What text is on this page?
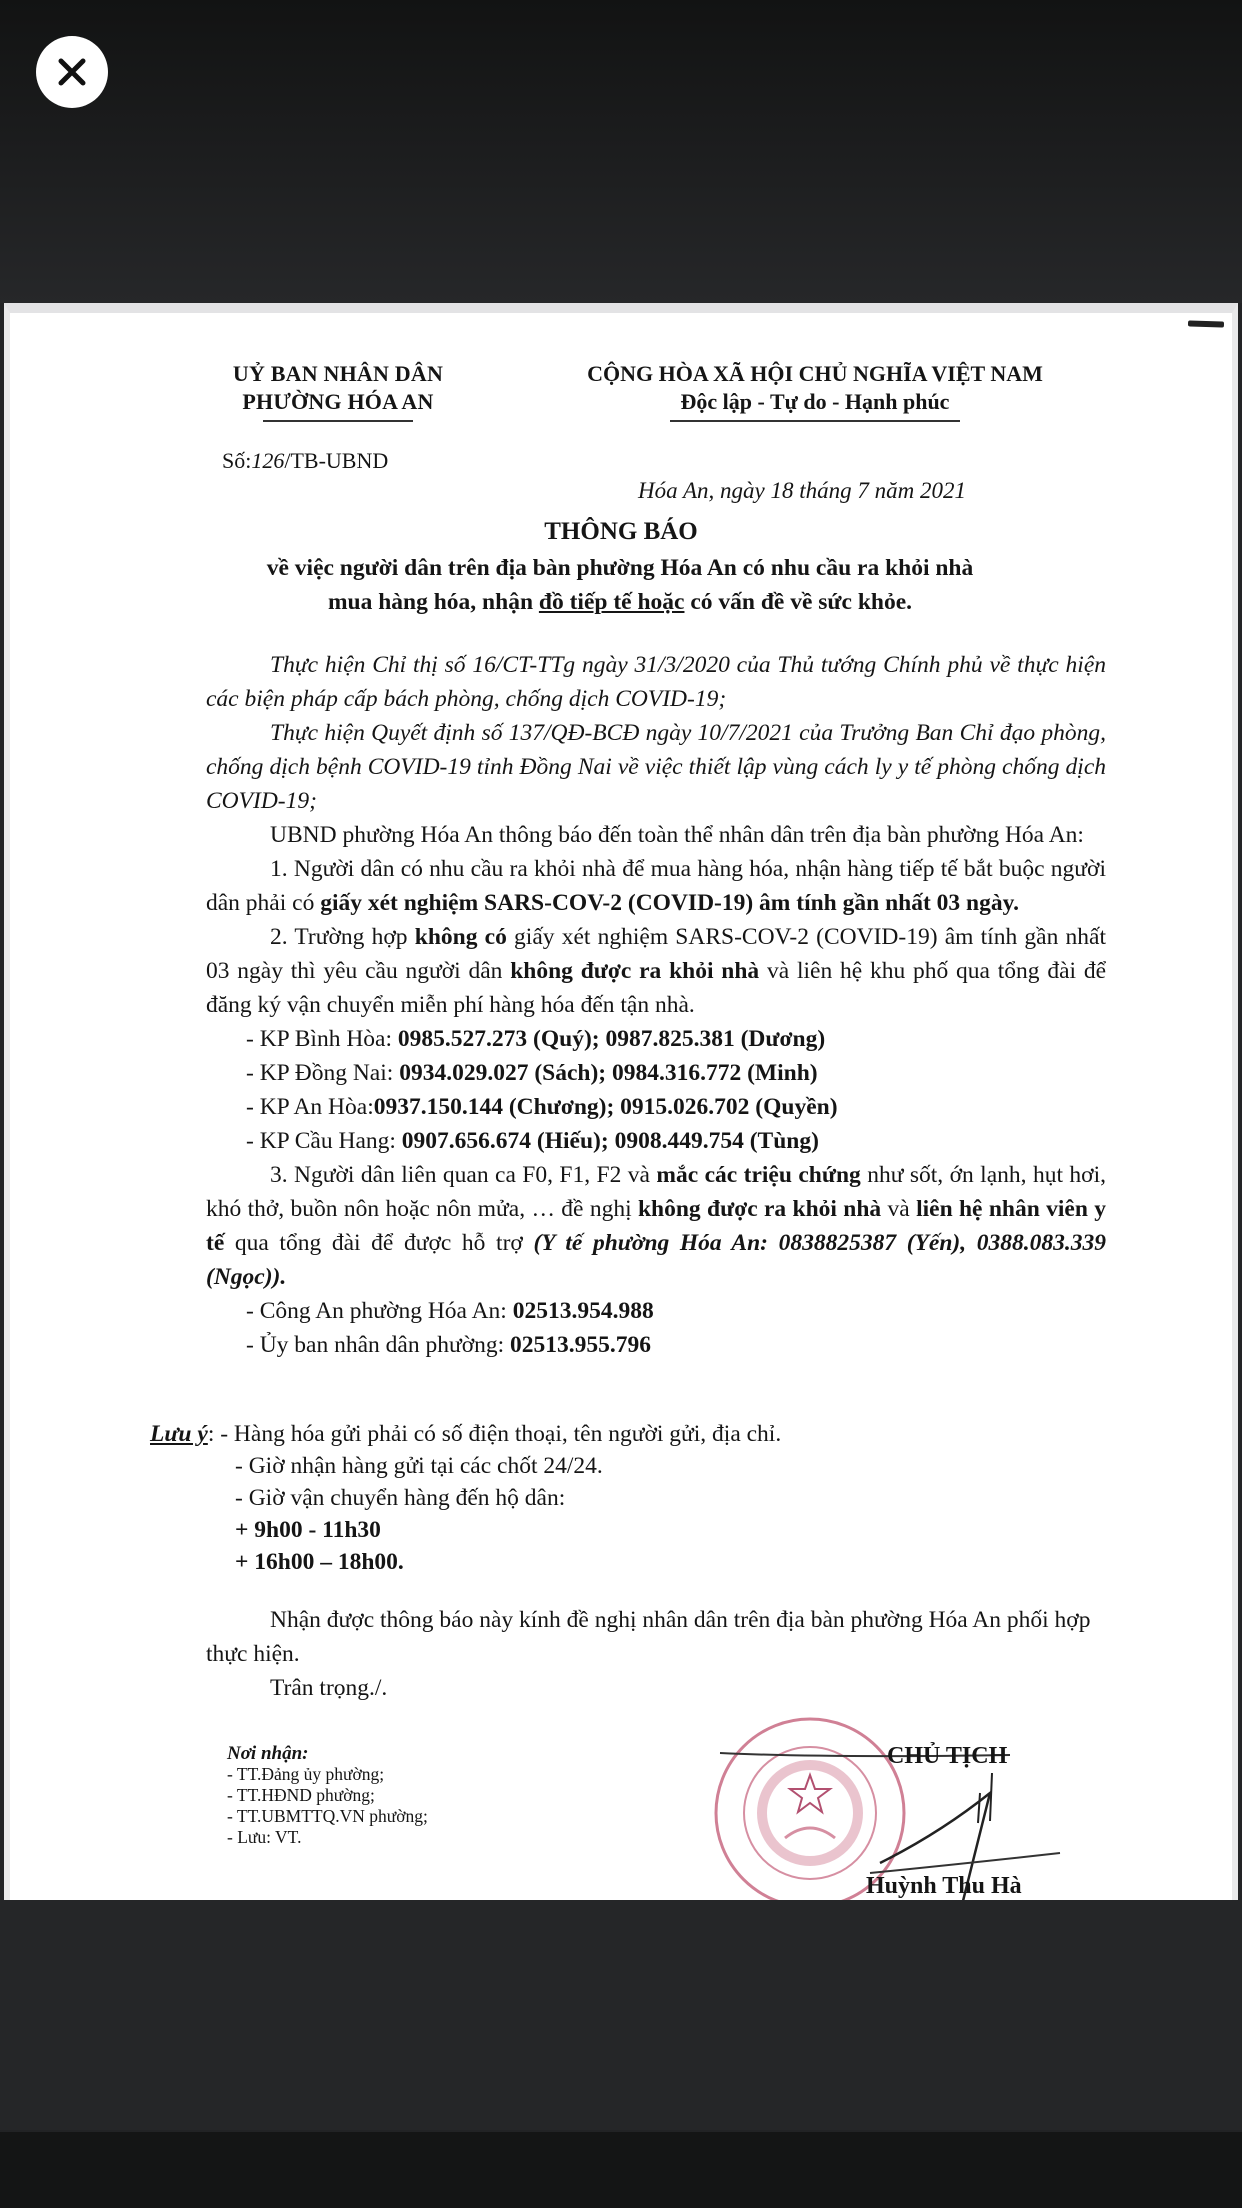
UỶ BAN NHÂN DÂN
PHƯỜNG HÓA AN
CỘNG HÒA XÃ HỘI CHỦ NGHĨA VIỆT NAM
Độc lập - Tự do - Hạnh phúc
Số:126/TB-UBND
Hóa An, ngày 18 tháng 7 năm 2021
THÔNG BÁO
về việc người dân trên địa bàn phường Hóa An có nhu cầu ra khỏi nhà
mua hàng hóa, nhận đồ tiếp tế hoặc có vấn đề về sức khỏe.

Thực hiện Chỉ thị số 16/CT-TTg ngày 31/3/2020 của Thủ tướng Chính phủ về thực hiện các biện pháp cấp bách phòng, chống dịch COVID-19;

Thực hiện Quyết định số 137/QĐ-BCĐ ngày 10/7/2021 của Trưởng Ban Chỉ đạo phòng, chống dịch bệnh COVID-19 tỉnh Đồng Nai về việc thiết lập vùng cách ly y tế phòng chống dịch COVID-19;

UBND phường Hóa An thông báo đến toàn thể nhân dân trên địa bàn phường Hóa An:

1. Người dân có nhu cầu ra khỏi nhà để mua hàng hóa, nhận hàng tiếp tế bắt buộc người dân phải có giấy xét nghiệm SARS-COV-2 (COVID-19) âm tính gần nhất 03 ngày.

2. Trường hợp không có giấy xét nghiệm SARS-COV-2 (COVID-19) âm tính gần nhất 03 ngày thì yêu cầu người dân không được ra khỏi nhà và liên hệ khu phố qua tổng đài để đăng ký vận chuyển miễn phí hàng hóa đến tận nhà.

- KP Bình Hòa: 0985.527.273 (Quý); 0987.825.381 (Dương)

- KP Đồng Nai: 0934.029.027 (Sách); 0984.316.772 (Minh)

- KP An Hòa:0937.150.144 (Chương); 0915.026.702 (Quyền)

- KP Cầu Hang: 0907.656.674 (Hiếu); 0908.449.754 (Tùng)

3. Người dân liên quan ca F0, F1, F2 và mắc các triệu chứng như sốt, ớn lạnh, hụt hơi, khó thở, buồn nôn hoặc nôn mửa, … đề nghị không được ra khỏi nhà và liên hệ nhân viên y tế qua tổng đài để được hỗ trợ (Y tế phường Hóa An: 0838825387 (Yến), 0388.083.339 (Ngọc)).

- Công An phường Hóa An: 02513.954.988

- Ủy ban nhân dân phường: 02513.955.796

Lưu ý: - Hàng hóa gửi phải có số điện thoại, tên người gửi, địa chỉ.
- Giờ nhận hàng gửi tại các chốt 24/24.
- Giờ vận chuyển hàng đến hộ dân:
+ 9h00 - 11h30
+ 16h00 – 18h00.

Nhận được thông báo này kính đề nghị nhân dân trên địa bàn phường Hóa An phối hợp thực hiện.

Trân trọng./.

Nơi nhận:
- TT.Đảng ủy phường;
- TT.HĐND phường;
- TT.UBMTTQ.VN phường;
- Lưu: VT.
CHỦ TỊCH
Huỳnh Thu Hà
